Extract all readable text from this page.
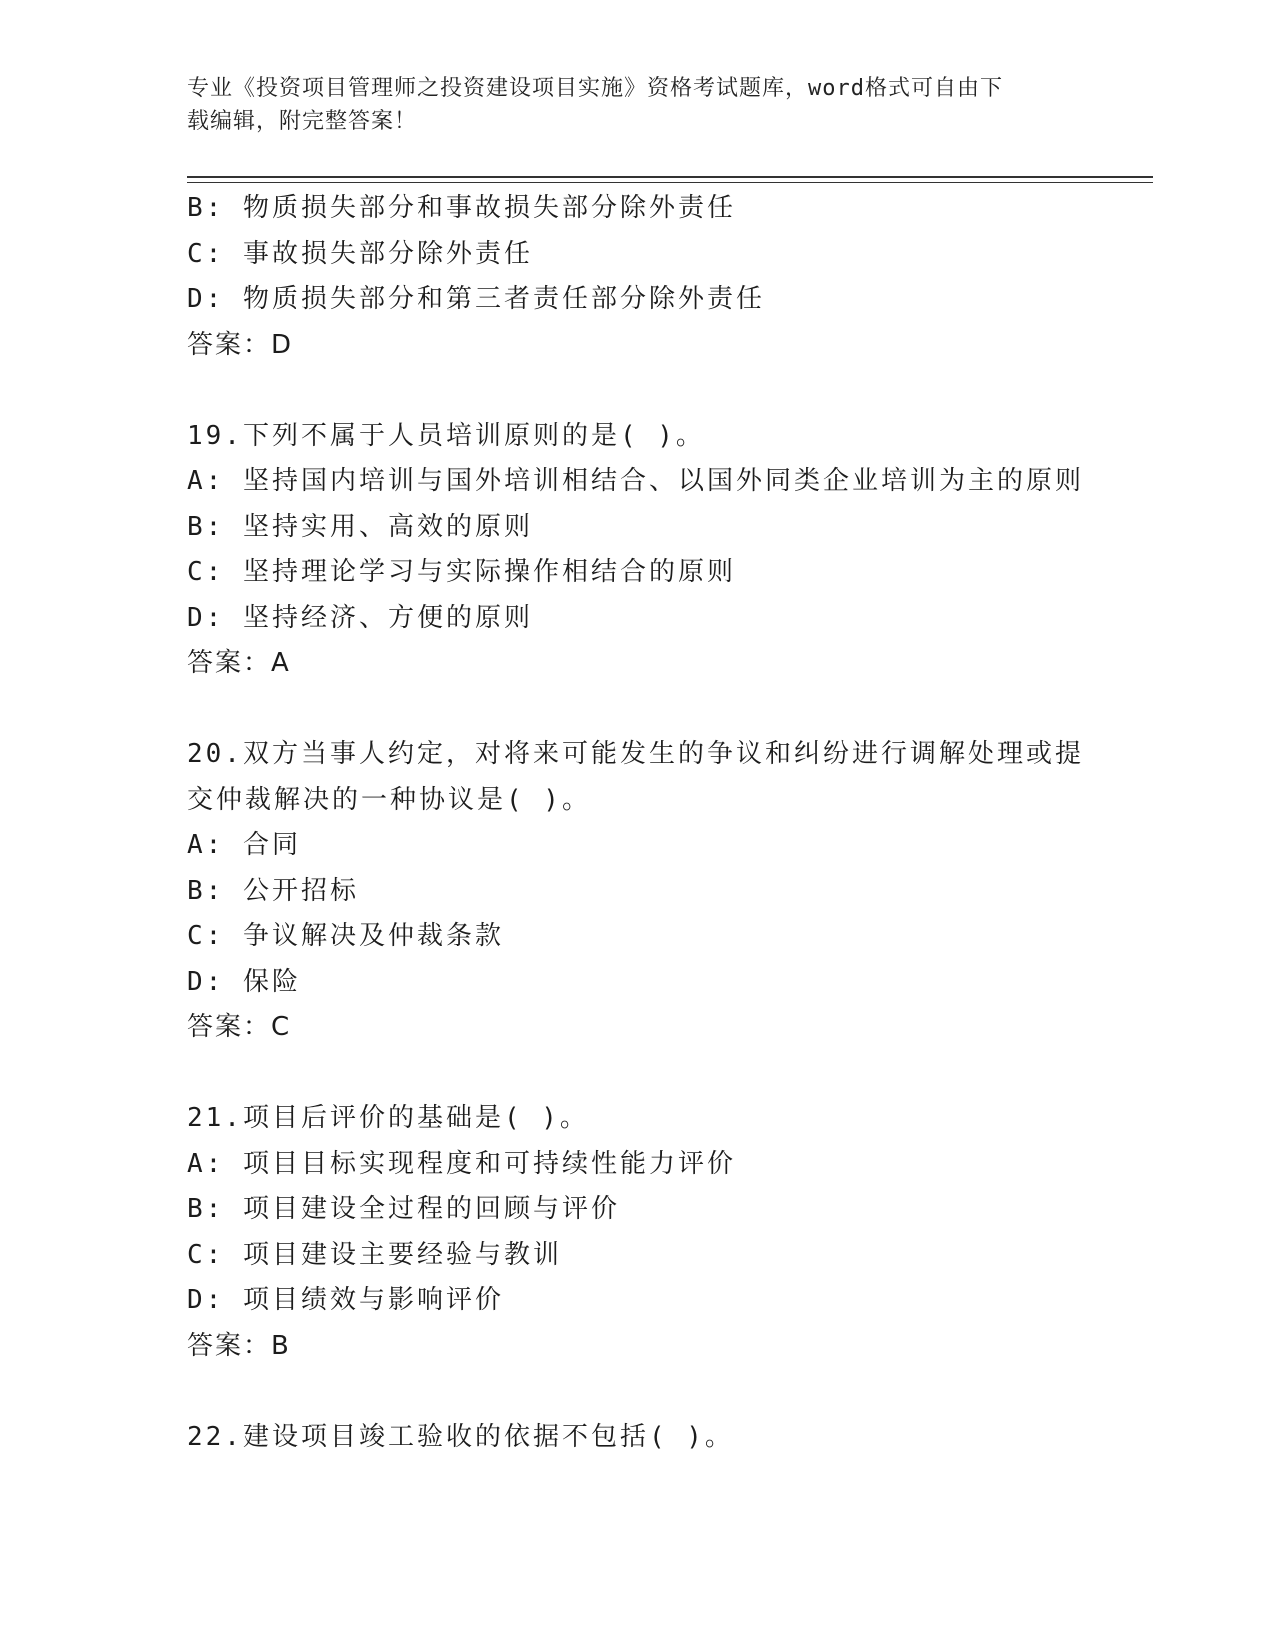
专业《投资项目管理师之投资建设项目实施》资格考试题库，word格式可自由下
载编辑，附完整答案！
B: 物质损失部分和事故损失部分除外责任
C: 事故损失部分除外责任
D: 物质损失部分和第三者责任部分除外责任
答案：D
19.下列不属于人员培训原则的是( )。
A: 坚持国内培训与国外培训相结合、以国外同类企业培训为主的原则
B: 坚持实用、高效的原则
C: 坚持理论学习与实际操作相结合的原则
D: 坚持经济、方便的原则
答案：A
20.双方当事人约定，对将来可能发生的争议和纠纷进行调解处理或提
交仲裁解决的一种协议是( )。
A: 合同
B: 公开招标
C: 争议解决及仲裁条款
D: 保险
答案：C
21.项目后评价的基础是( )。
A: 项目目标实现程度和可持续性能力评价
B: 项目建设全过程的回顾与评价
C: 项目建设主要经验与教训
D: 项目绩效与影响评价
答案：B
22.建设项目竣工验收的依据不包括( )。
